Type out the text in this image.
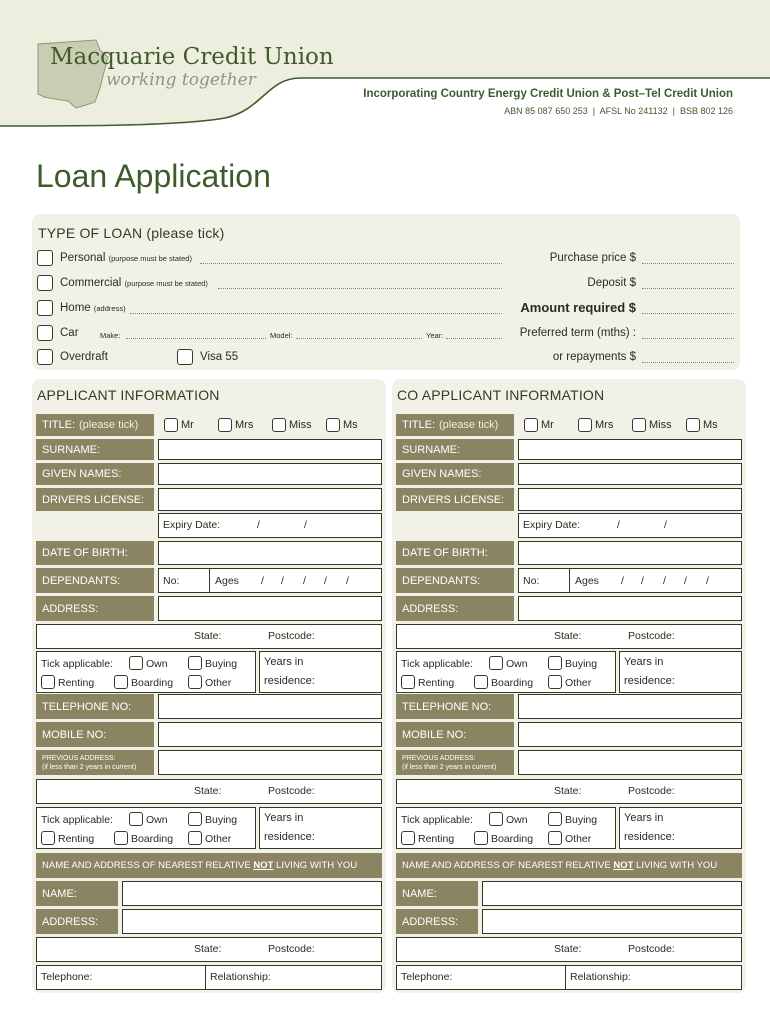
Macquarie Credit Union
working together
Incorporating Country Energy Credit Union & Post–Tel Credit Union
ABN 85 087 650 253  |  AFSL No 241132  |  BSB 802 126
Loan Application
TYPE OF LOAN (please tick)
Personal (purpose must be stated)
Commercial (purpose must be stated)
Home (address)
Car	Make:	Model:	Year:
Overdraft	Visa 55
Purchase price $
Deposit $
Amount required $
Preferred term (mths) :
or repayments $
APPLICANT INFORMATION
TITLE: (please tick)	Mr	Mrs	Miss	Ms
SURNAME:
GIVEN NAMES:
DRIVERS LICENSE:
Expiry Date:	/	/
DATE OF BIRTH:
DEPENDANTS:	No:	Ages / / / / /
ADDRESS:
State:	Postcode:
Years in
residence:
Tick applicable:	Own	Buying
Renting	Boarding	Other
TELEPHONE NO:
MOBILE NO:
PREVIOUS ADDRESS:
(if less than 2 years in current)
State:	Postcode:
Years in
residence:
Tick applicable:	Own	Buying
Renting	Boarding	Other
NAME AND ADDRESS OF NEAREST RELATIVE NOT LIVING WITH YOU
NAME:
ADDRESS:
State:	Postcode:
Telephone:	Relationship:
CO APPLICANT INFORMATION
TITLE: (please tick)	Mr	Mrs	Miss	Ms
SURNAME:
GIVEN NAMES:
DRIVERS LICENSE:
Expiry Date:	/	/
DATE OF BIRTH:
DEPENDANTS:	No:	Ages / / / / /
ADDRESS:
State:	Postcode:
Years in
residence:
Tick applicable:	Own	Buying
Renting	Boarding	Other
TELEPHONE NO:
MOBILE NO:
PREVIOUS ADDRESS:
(if less than 2 years in current)
State:	Postcode:
Years in
residence:
Tick applicable:	Own	Buying
Renting	Boarding	Other
NAME AND ADDRESS OF NEAREST RELATIVE NOT LIVING WITH YOU
NAME:
ADDRESS:
State:	Postcode:
Telephone:	Relationship:
